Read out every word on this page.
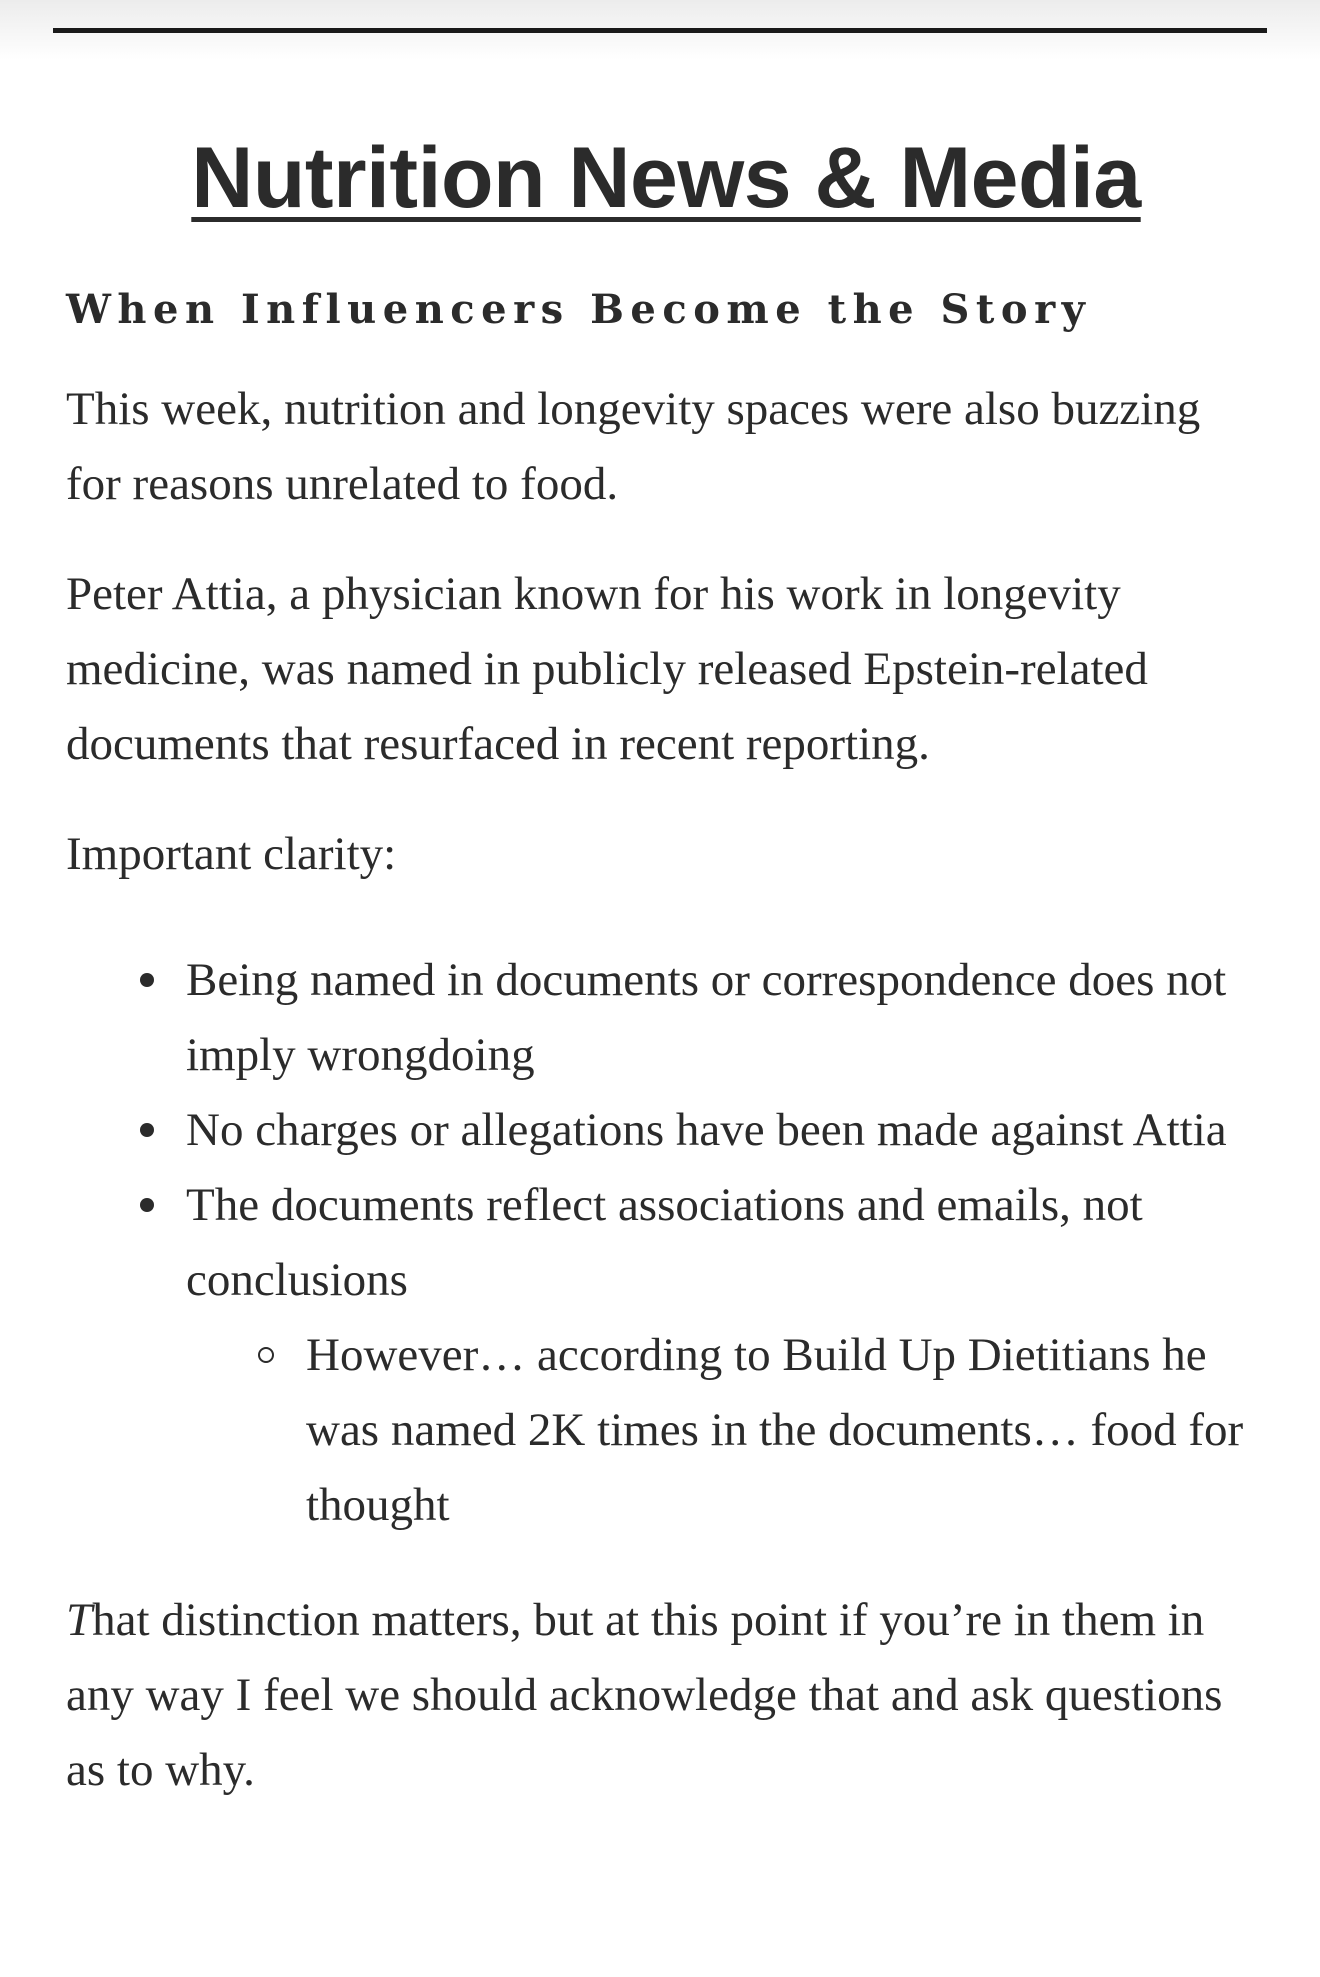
Nutrition News & Media
When Influencers Become the Story

This week, nutrition and longevity spaces were also buzzing for reasons unrelated to food.

Peter Attia, a physician known for his work in longevity medicine, was named in publicly released Epstein-related documents that resurfaced in recent reporting.

Important clarity:

Being named in documents or correspondence does not imply wrongdoing
No charges or allegations have been made against Attia
The documents reflect associations and emails, not conclusions
However… according to Build Up Dietitians he was named 2K times in the documents… food for thought

That distinction matters, but at this point if you’re in them in any way I feel we should acknowledge that and ask questions as to why.
